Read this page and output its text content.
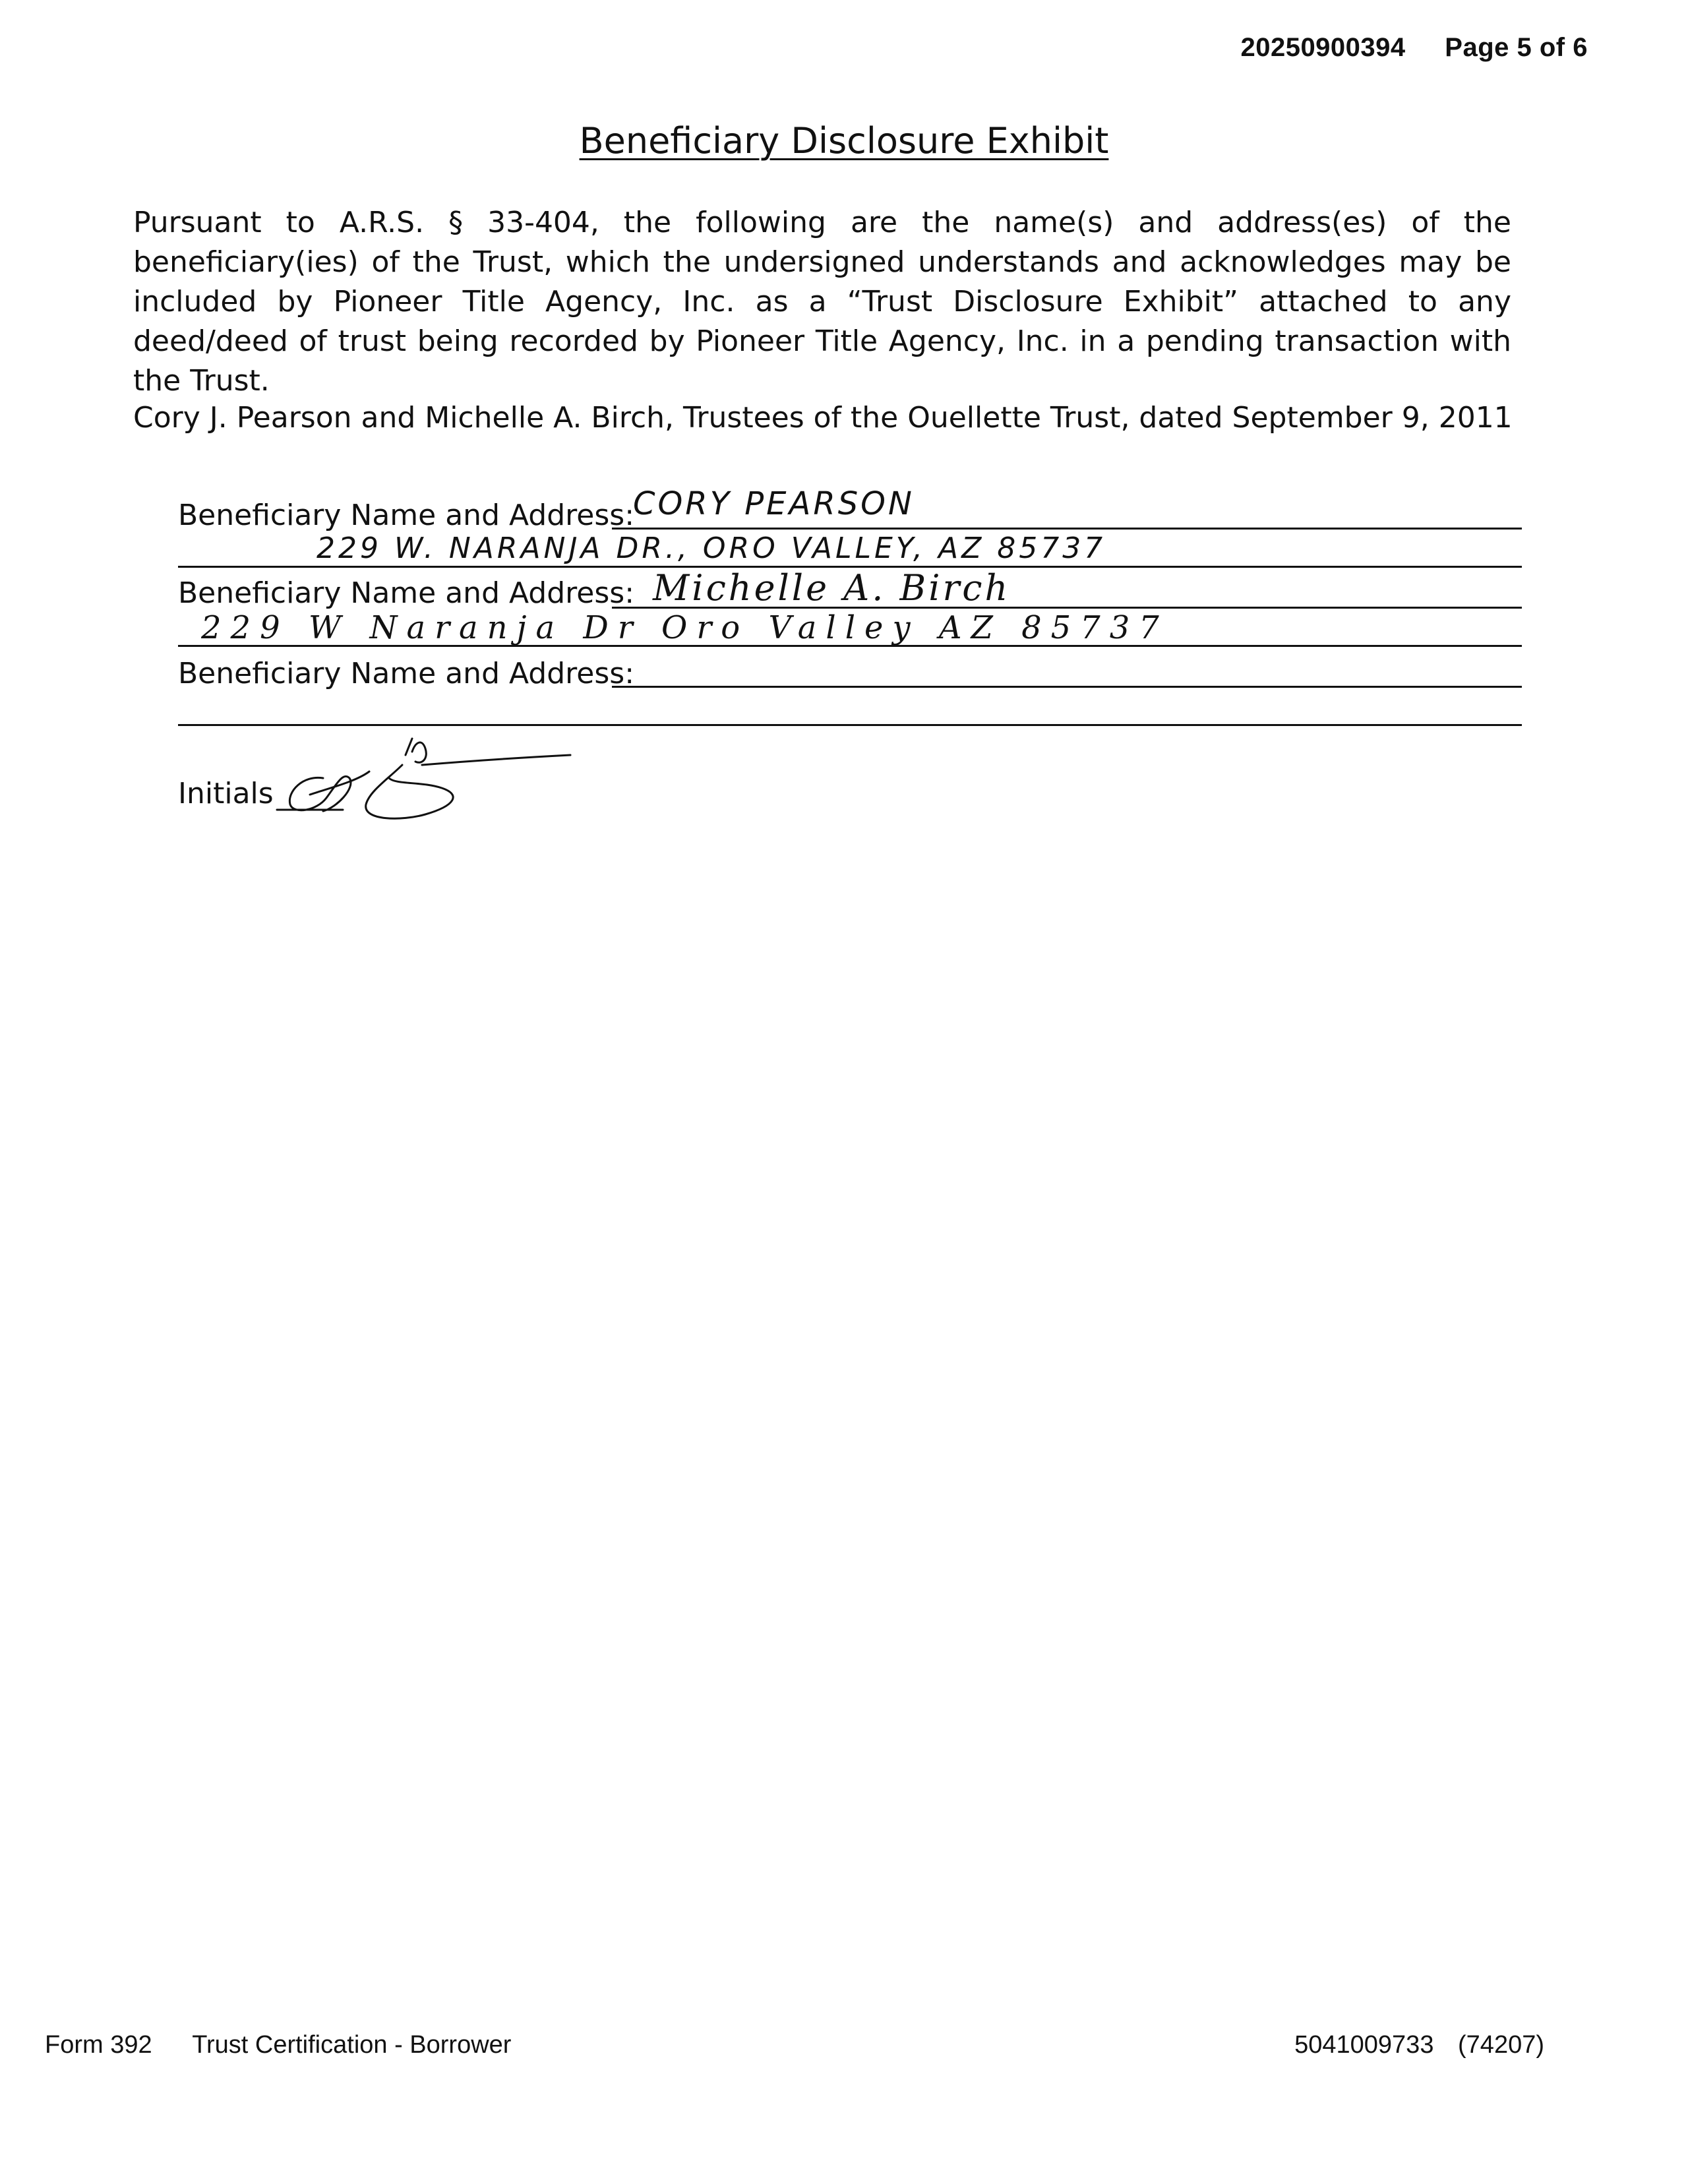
20250900394 Page 5 of 6
Beneficiary Disclosure Exhibit
Pursuant to A.R.S. § 33-404, the following are the name(s) and address(es) of the beneficiary(ies) of the Trust, which the undersigned understands and acknowledges may be included by Pioneer Title Agency, Inc. as a “Trust Disclosure Exhibit” attached to any deed/deed of trust being recorded by Pioneer Title Agency, Inc. in a pending transaction with the Trust.
Cory J. Pearson and Michelle A. Birch, Trustees of the Ouellette Trust, dated September 9, 2011
Beneficiary Name and Address:
CORY PEARSON
229 W. NARANJA DR., ORO VALLEY, AZ 85737
Beneficiary Name and Address: Michelle A. Birch
229 W Naranja Dr Oro Valley AZ 85737
Beneficiary Name and Address:
Initials
Form 392 Trust Certification - Borrower	5041009733 (74207)
